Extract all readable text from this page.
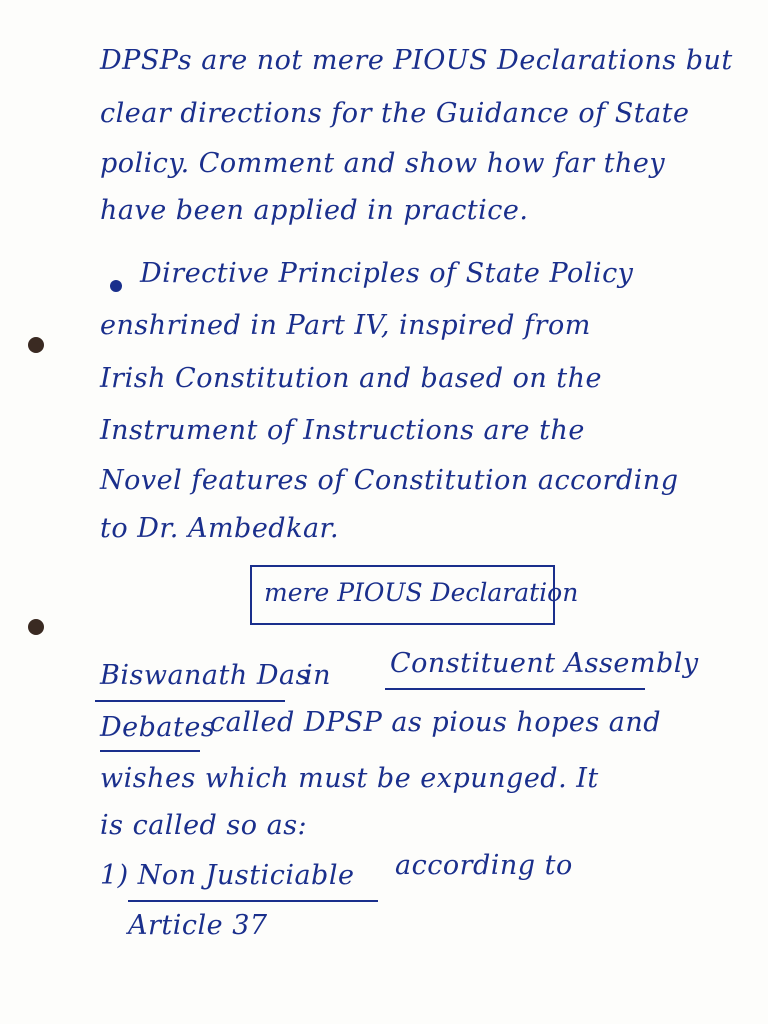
DPSPs are not mere PIOUS Declarations but
clear directions for the Guidance of State
policy. Comment and show how far they
have been applied in practice.
Directive Principles of State Policy
enshrined in Part IV, inspired from
Irish Constitution and based on the
Instrument of Instructions are the
Novel features of Constitution according
to Dr. Ambedkar.
mere PIOUS Declaration
Biswanath Das
in Constituent Assembly
Debates
called DPSP as pious hopes and
wishes which must be expunged. It
is called so as:
1) Non Justiciable according to
Article 37
